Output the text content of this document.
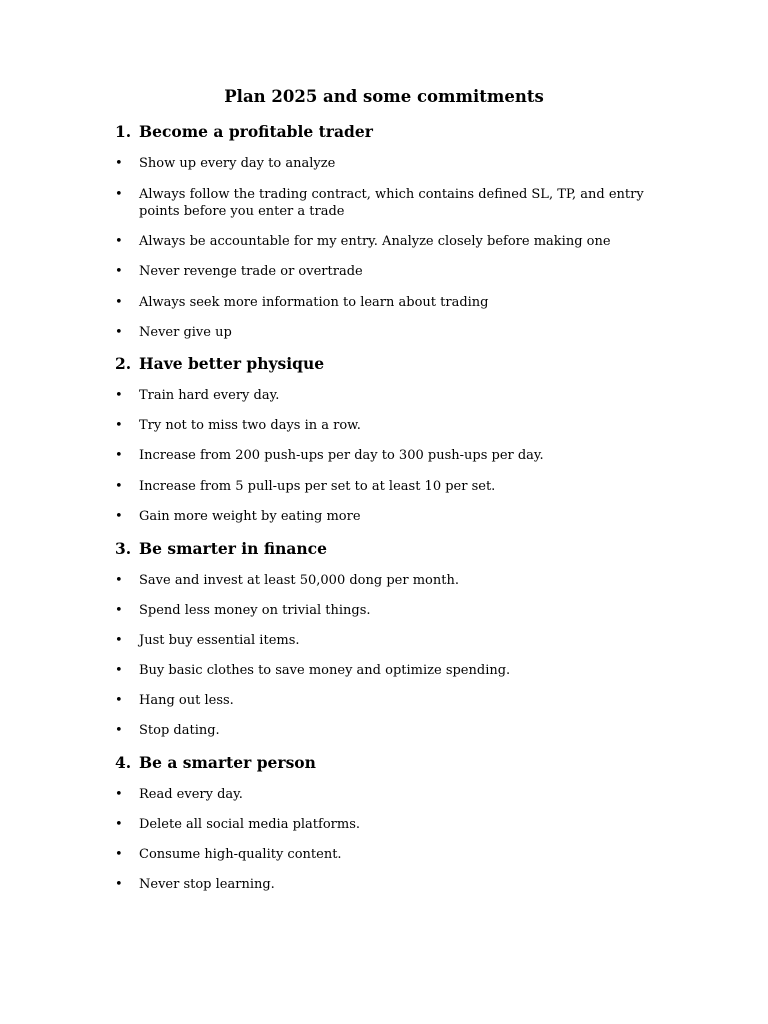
Plan 2025 and some commitments
1. Become a profitable trader

•	Show up every day to analyze

•	Always follow the trading contract, which contains defined SL, TP, and entry points before you enter a trade

•	Always be accountable for my entry. Analyze closely before making one

•	Never revenge trade or overtrade

•	Always seek more information to learn about trading

•	Never give up

2. Have better physique

•	Train hard every day.

•	Try not to miss two days in a row.

•	Increase from 200 push-ups per day to 300 push-ups per day.

•	Increase from 5 pull-ups per set to at least 10 per set.

•	Gain more weight by eating more

3. Be smarter in finance

•	Save and invest at least 50,000 dong per month.

•	Spend less money on trivial things.

•	Just buy essential items.

•	Buy basic clothes to save money and optimize spending.

•	Hang out less.

•	Stop dating.

4. Be a smarter person

•	Read every day.

•	Delete all social media platforms.

•	Consume high-quality content.

•	Never stop learning.
